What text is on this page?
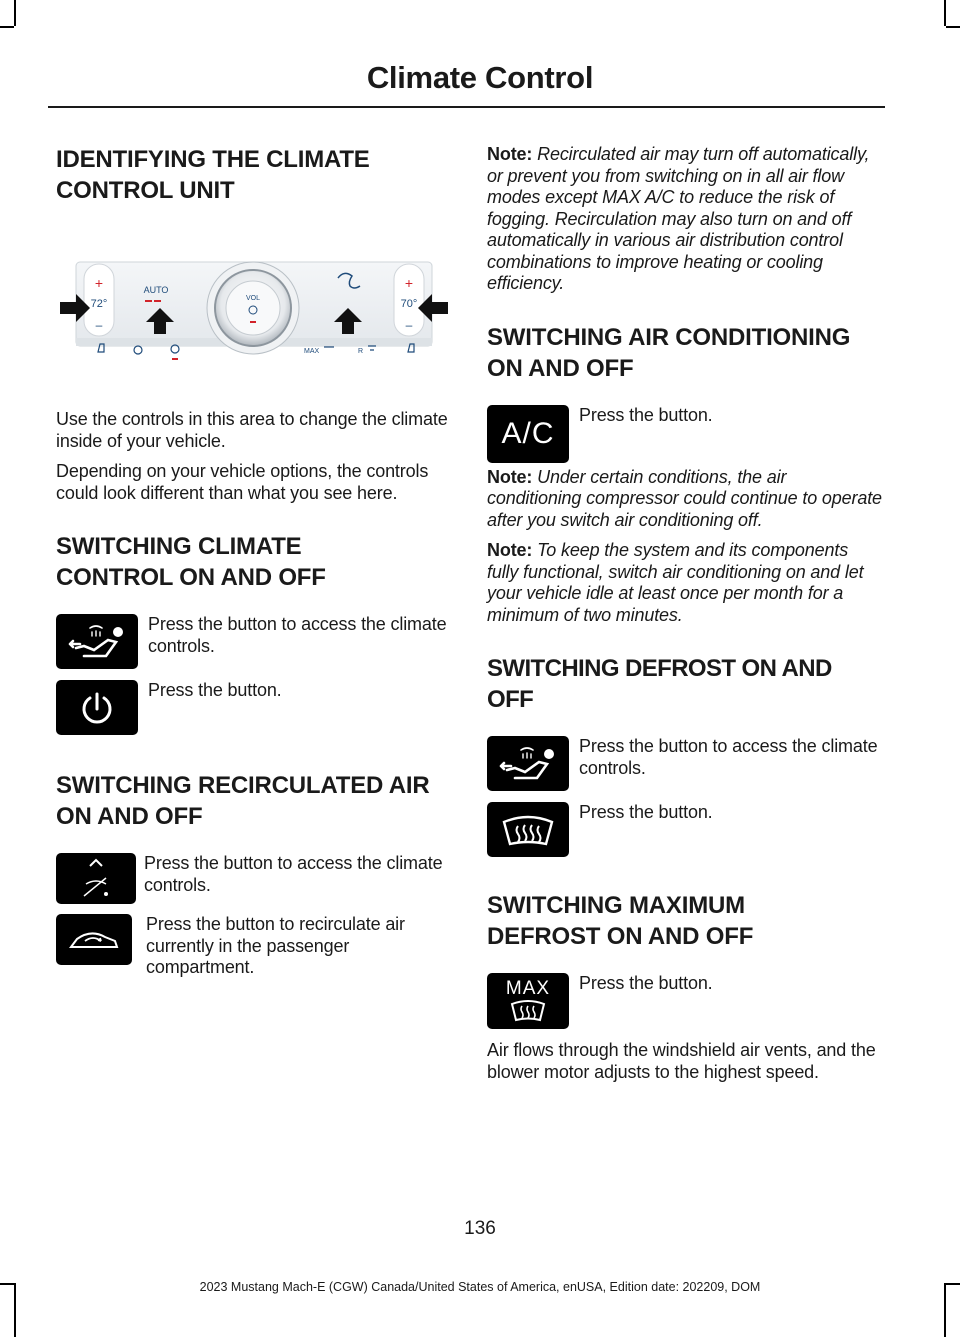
Climate Control
IDENTIFYING THE CLIMATE CONTROL UNIT
+
72°
–
+
70°
–
AUTO
VOL
MAX	R

Use the controls in this area to change the climate inside of your vehicle.

Depending on your vehicle options, the controls could look different than what you see here.

SWITCHING CLIMATE CONTROL ON AND OFF

Press the button to access the climate controls.

Press the button.

SWITCHING RECIRCULATED AIR ON AND OFF

Press the button to access the climate controls.

Press the button to recirculate air currently in the passenger compartment.

Note: Recirculated air may turn off automatically, or prevent you from switching on in all air flow modes except MAX A/C to reduce the risk of fogging. Recirculation may also turn on and off automatically in various air distribution control combinations to improve heating or cooling efficiency.

SWITCHING AIR CONDITIONING ON AND OFF
A/C

Press the button.

Note: Under certain conditions, the air conditioning compressor could continue to operate after you switch air conditioning off.

Note: To keep the system and its components fully functional, switch air conditioning on and let your vehicle idle at least once per month for a minimum of two minutes.

SWITCHING DEFROST ON AND OFF

Press the button to access the climate controls.

Press the button.

SWITCHING MAXIMUM DEFROST ON AND OFF
MAX Press the button.

Air flows through the windshield air vents, and the blower motor adjusts to the highest speed.

136
2023 Mustang Mach-E (CGW) Canada/United States of America, enUSA, Edition date: 202209, DOM
